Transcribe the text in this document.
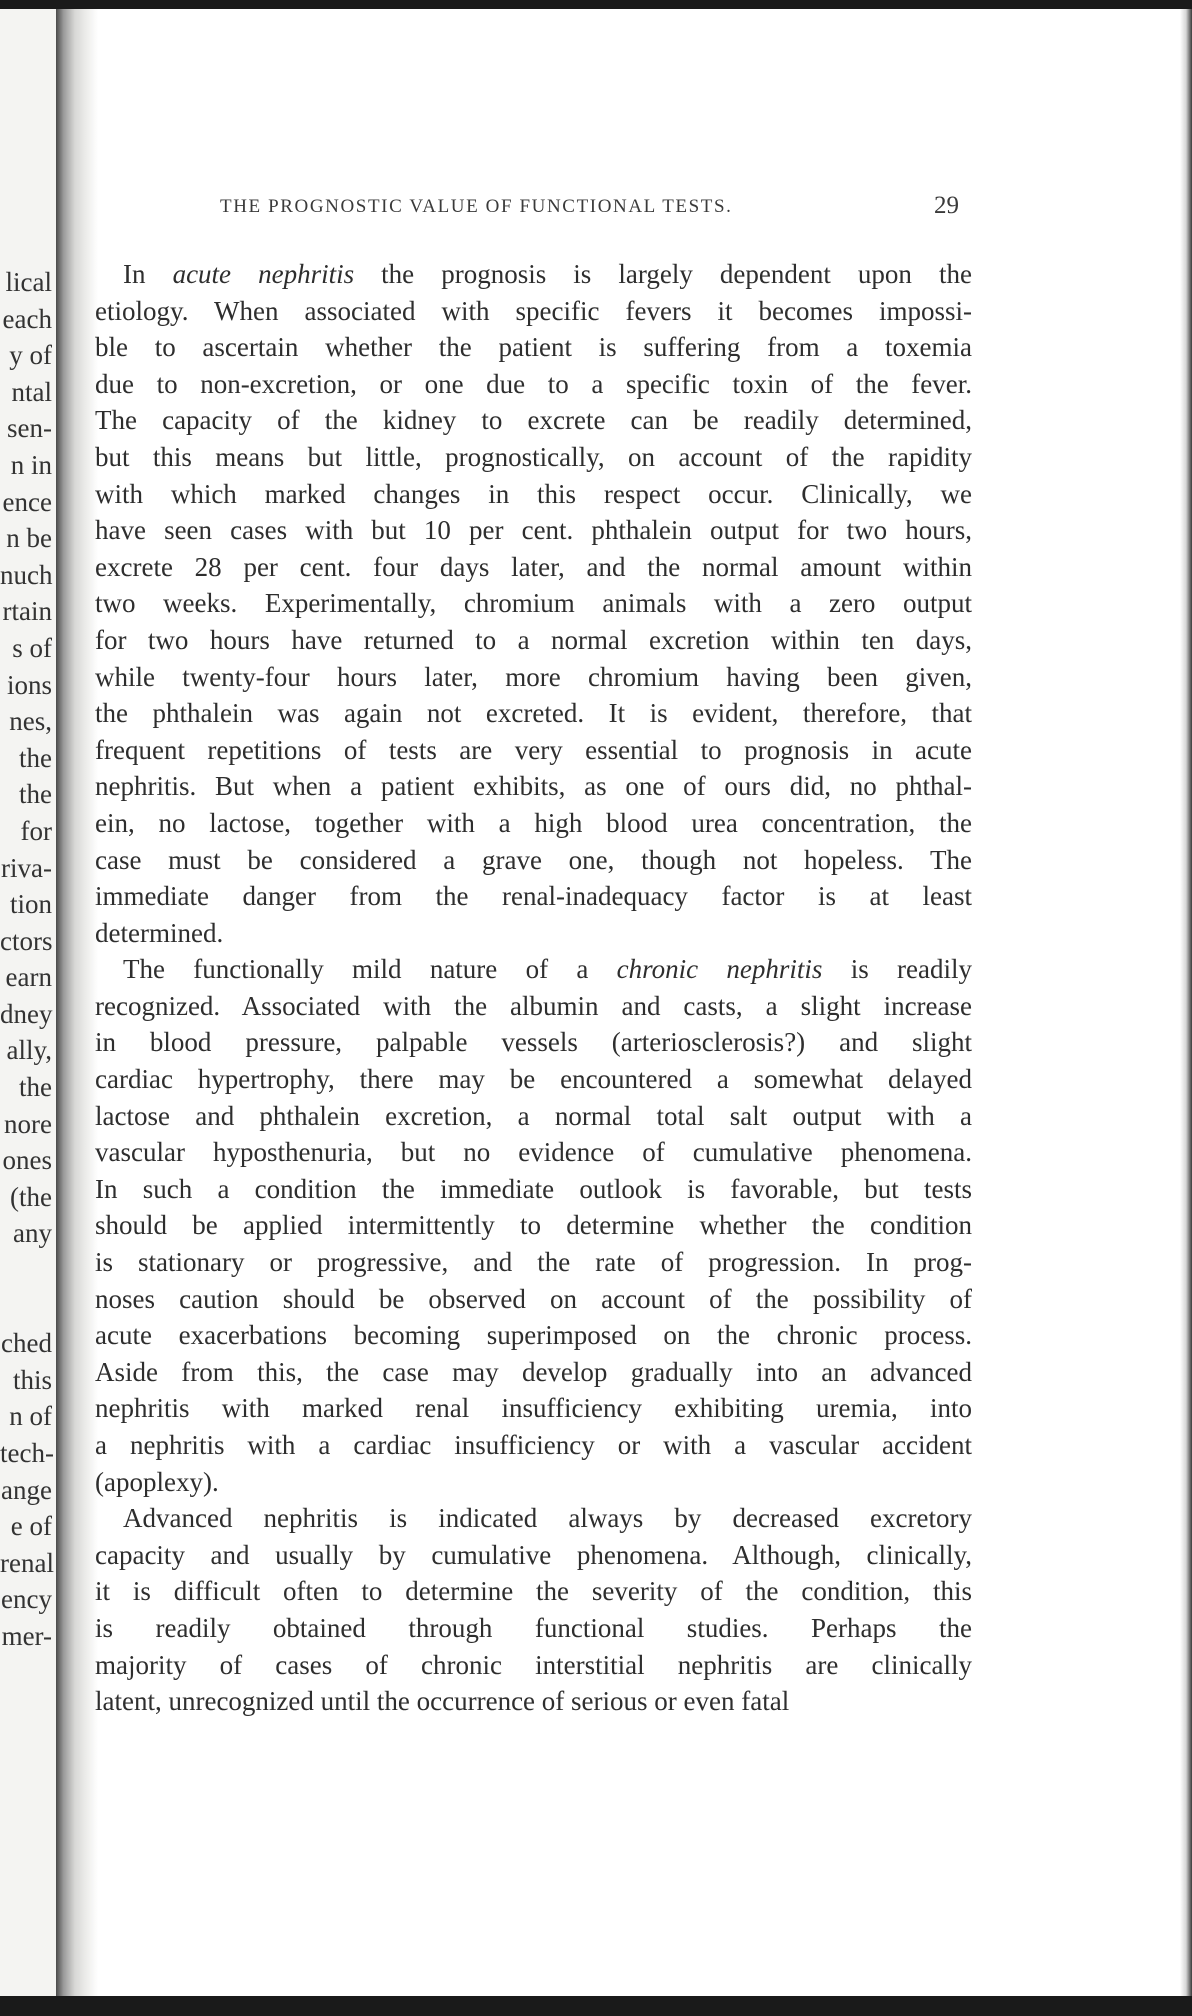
lical
each
y of
ntal
sen-
n in
ence
n be
nuch
rtain
s of
ions
nes,
the
the
for
riva-
tion
ctors
earn
dney
ally,
the
nore
ones
(the
any

ched
this
n of
tech-
ange
e of
renal
ency
mer-
THE PROGNOSTIC VALUE OF FUNCTIONAL TESTS.	29
In acute nephritis the prognosis is largely dependent upon the
etiology. When associated with specific fevers it becomes impossi-
ble to ascertain whether the patient is suffering from a toxemia
due to non-excretion, or one due to a specific toxin of the fever.
The capacity of the kidney to excrete can be readily determined,
but this means but little, prognostically, on account of the rapidity
with which marked changes in this respect occur. Clinically, we
have seen cases with but 10 per cent. phthalein output for two hours,
excrete 28 per cent. four days later, and the normal amount within
two weeks. Experimentally, chromium animals with a zero output
for two hours have returned to a normal excretion within ten days,
while twenty-four hours later, more chromium having been given,
the phthalein was again not excreted. It is evident, therefore, that
frequent repetitions of tests are very essential to prognosis in acute
nephritis. But when a patient exhibits, as one of ours did, no phthal-
ein, no lactose, together with a high blood urea concentration, the
case must be considered a grave one, though not hopeless. The
immediate danger from the renal-inadequacy factor is at least
determined.
The functionally mild nature of a chronic nephritis is readily
recognized. Associated with the albumin and casts, a slight increase
in blood pressure, palpable vessels (arteriosclerosis?) and slight
cardiac hypertrophy, there may be encountered a somewhat delayed
lactose and phthalein excretion, a normal total salt output with a
vascular hyposthenuria, but no evidence of cumulative phenomena.
In such a condition the immediate outlook is favorable, but tests
should be applied intermittently to determine whether the condition
is stationary or progressive, and the rate of progression. In prog-
noses caution should be observed on account of the possibility of
acute exacerbations becoming superimposed on the chronic process.
Aside from this, the case may develop gradually into an advanced
nephritis with marked renal insufficiency exhibiting uremia, into
a nephritis with a cardiac insufficiency or with a vascular accident
(apoplexy).
Advanced nephritis is indicated always by decreased excretory
capacity and usually by cumulative phenomena. Although, clinically,
it is difficult often to determine the severity of the condition, this
is readily obtained through functional studies. Perhaps the
majority of cases of chronic interstitial nephritis are clinically
latent, unrecognized until the occurrence of serious or even fatal
